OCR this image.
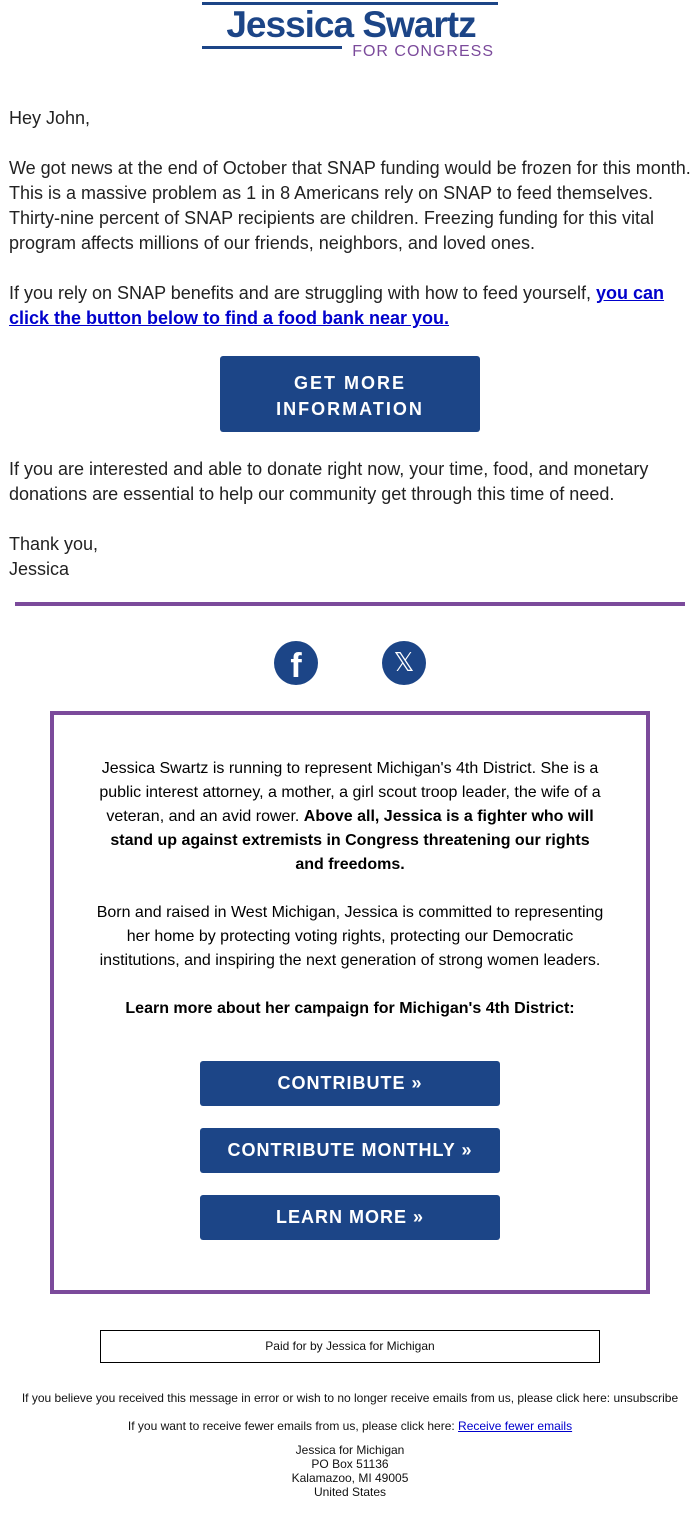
Jessica Swartz
FOR CONGRESS

Hey John,

We got news at the end of October that SNAP funding would be frozen for this month. This is a massive problem as 1 in 8 Americans rely on SNAP to feed themselves. Thirty-nine percent of SNAP recipients are children. Freezing funding for this vital program affects millions of our friends, neighbors, and loved ones.

If you rely on SNAP benefits and are struggling with how to feed yourself, you can click the button below to find a food bank near you.

GET MORE INFORMATION

If you are interested and able to donate right now, your time, food, and monetary donations are essential to help our community get through this time of need.

Thank you,
Jessica
f	𝕏

Jessica Swartz is running to represent Michigan's 4th District. She is a public interest attorney, a mother, a girl scout troop leader, the wife of a veteran, and an avid rower. Above all, Jessica is a fighter who will stand up against extremists in Congress threatening our rights and freedoms.

Born and raised in West Michigan, Jessica is committed to representing her home by protecting voting rights, protecting our Democratic institutions, and inspiring the next generation of strong women leaders.

Learn more about her campaign for Michigan's 4th District:

CONTRIBUTE »
CONTRIBUTE MONTHLY »
LEARN MORE »
Paid for by Jessica for Michigan
If you believe you received this message in error or wish to no longer receive emails from us, please click here: unsubscribe
If you want to receive fewer emails from us, please click here: Receive fewer emails
Jessica for Michigan
PO Box 51136
Kalamazoo, MI 49005
United States
